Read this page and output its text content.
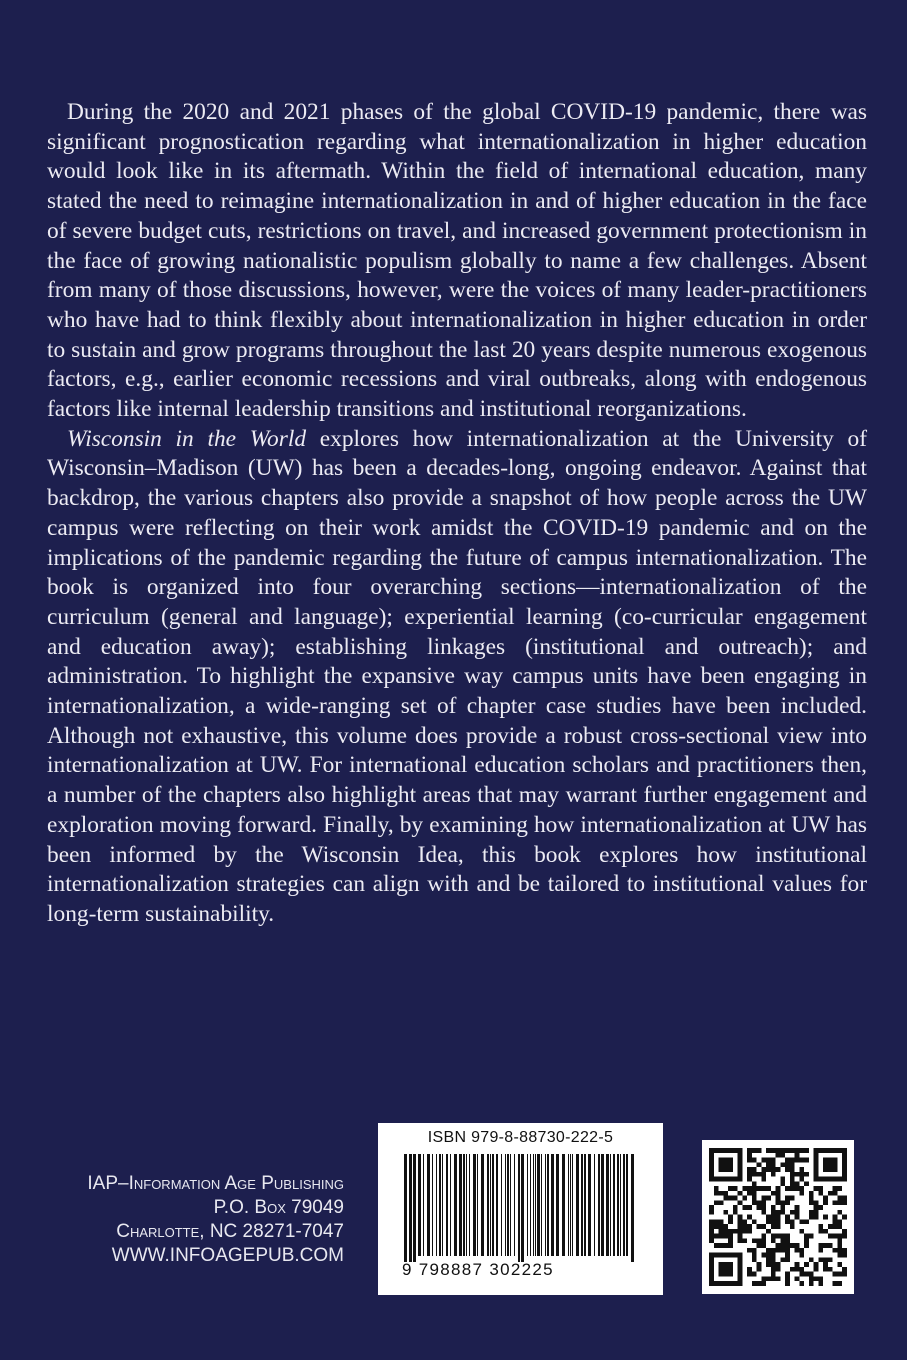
During the 2020 and 2021 phases of the global COVID-19 pandemic, there was significant prognostication regarding what internationalization in higher education would look like in its aftermath. Within the field of international education, many stated the need to reimagine internationalization in and of higher education in the face of severe budget cuts, restrictions on travel, and increased government protectionism in the face of growing nationalistic populism globally to name a few challenges. Absent from many of those discussions, however, were the voices of many leader-practitioners who have had to think flexibly about internationalization in higher education in order to sustain and grow programs throughout the last 20 years despite numerous exogenous factors, e.g., earlier economic recessions and viral outbreaks, along with endogenous factors like internal leadership transitions and institutional reorganizations.

Wisconsin in the World explores how internationalization at the University of Wisconsin–Madison (UW) has been a decades-long, ongoing endeavor. Against that backdrop, the various chapters also provide a snapshot of how people across the UW campus were reflecting on their work amidst the COVID-19 pandemic and on the implications of the pandemic regarding the future of campus internationalization. The book is organized into four overarching sections—internationalization of the curriculum (general and language); experiential learning (co-curricular engagement and education away); establishing linkages (institutional and outreach); and administration. To highlight the expansive way campus units have been engaging in internationalization, a wide-ranging set of chapter case studies have been included. Although not exhaustive, this volume does provide a robust cross-sectional view into internationalization at UW. For international education scholars and practitioners then, a number of the chapters also highlight areas that may warrant further engagement and exploration moving forward. Finally, by examining how internationalization at UW has been informed by the Wisconsin Idea, this book explores how institutional internationalization strategies can align with and be tailored to institutional values for long-term sustainability.

IAP–Information Age Publishing
P.O. Box 79049
Charlotte, NC 28271-7047
WWW.INFOAGEPUB.COM
ISBN 979-8-88730-222-5
9 798887 302225
